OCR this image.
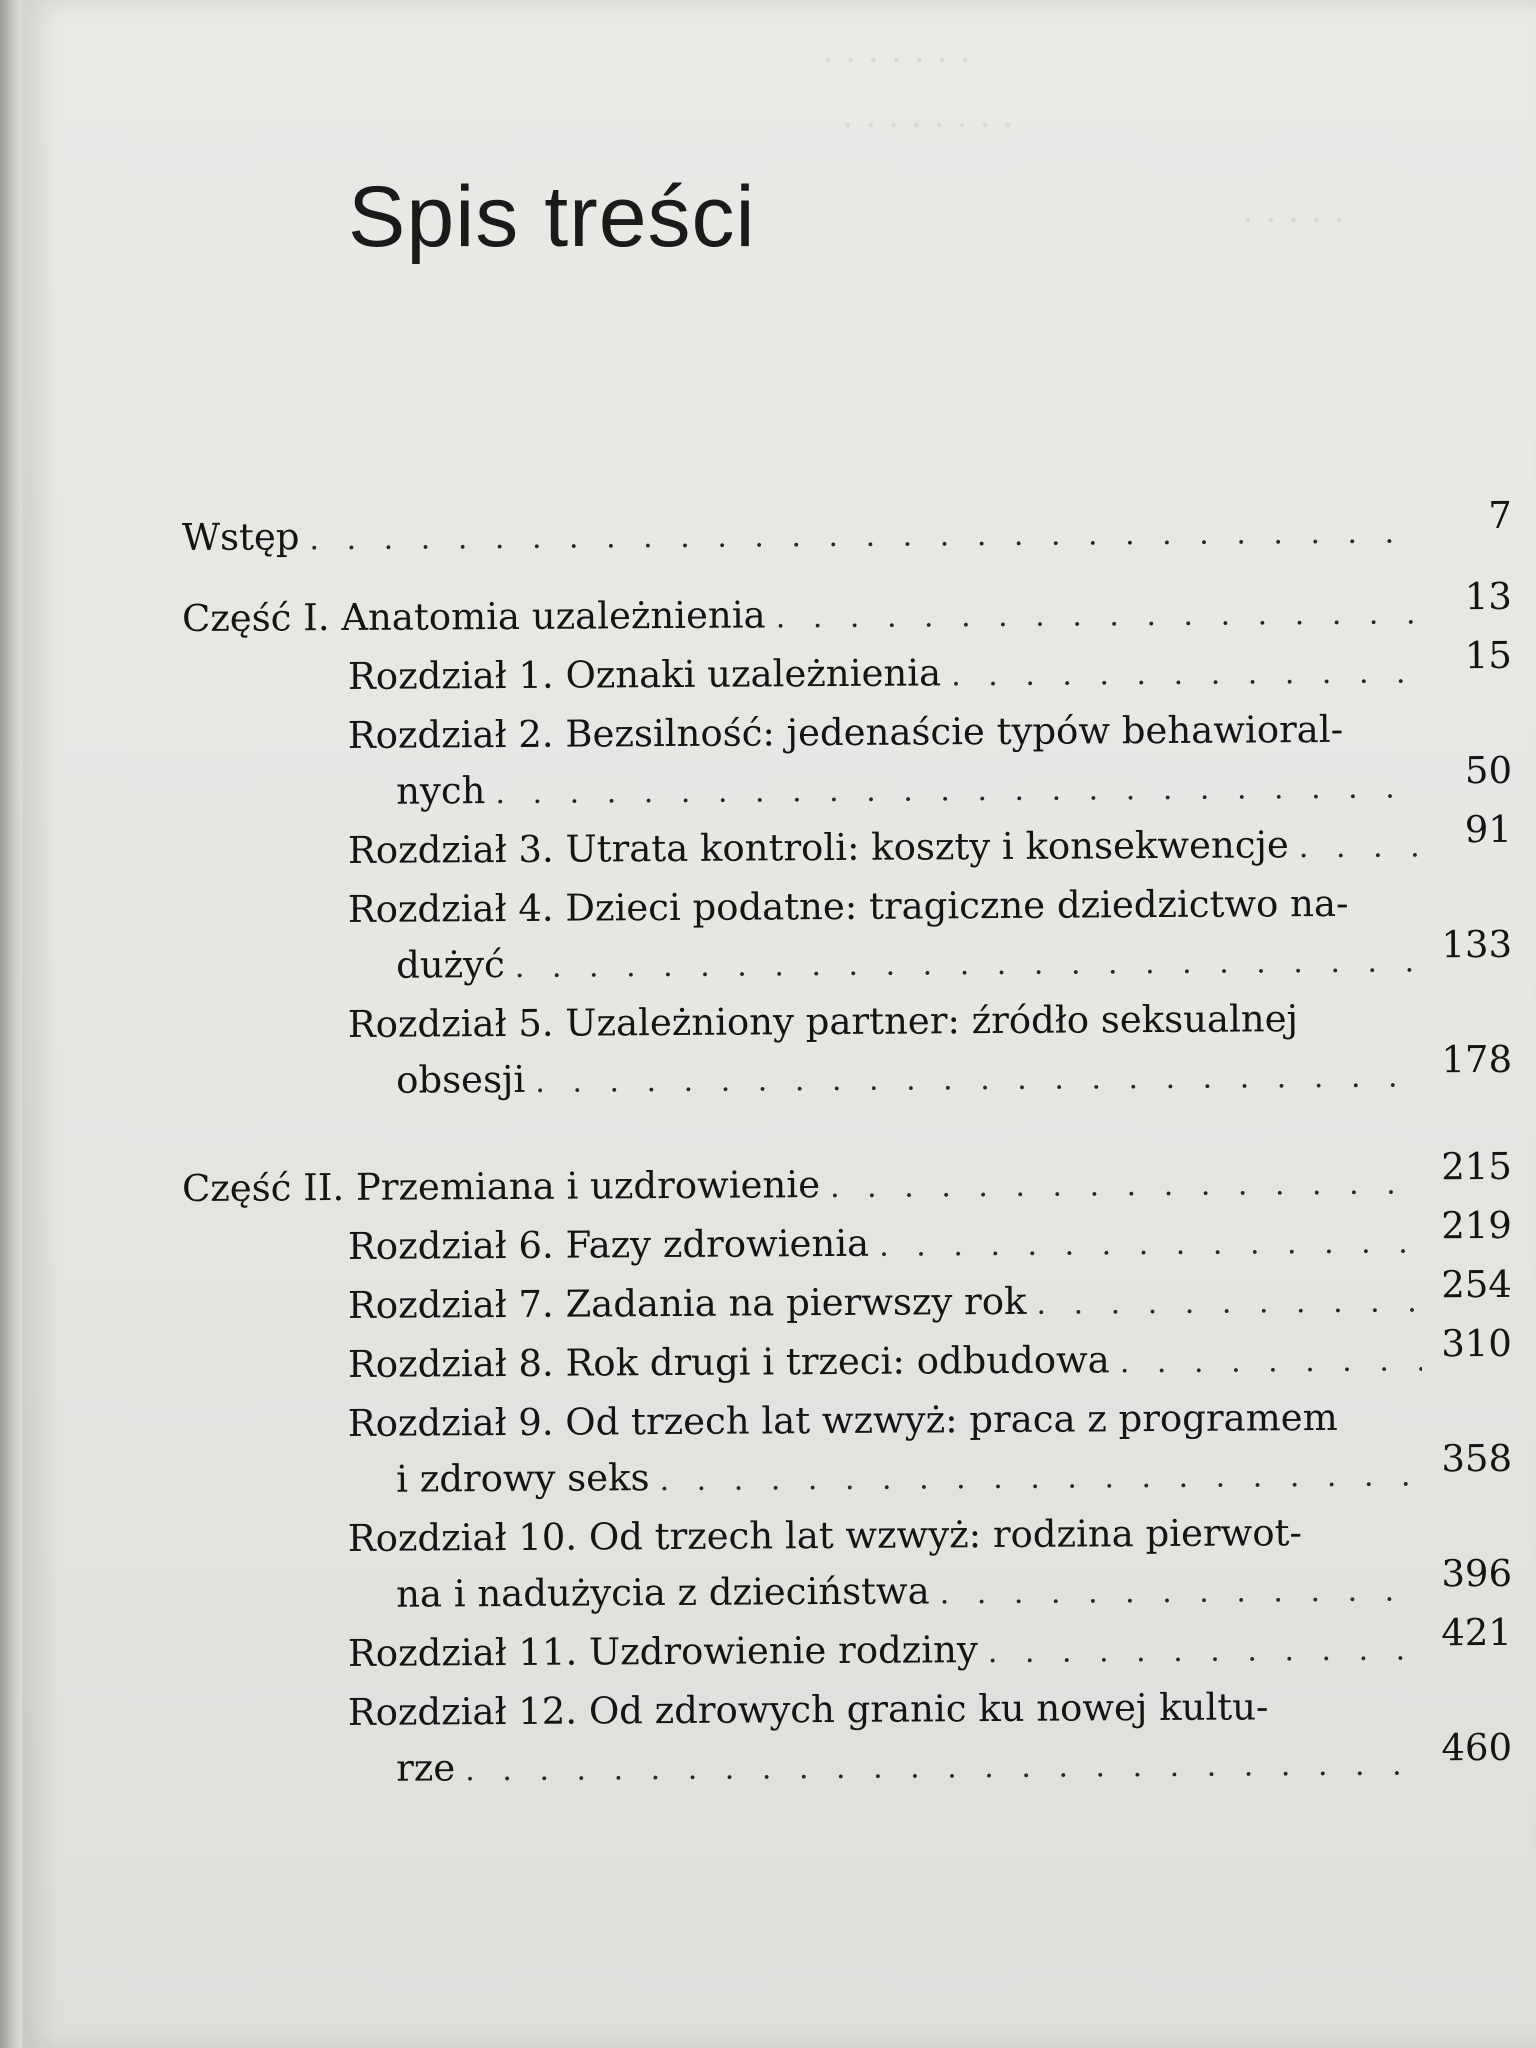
. . . . . . .
. . . . . . . .
. . . . .
Spis treści
Wstęp . . .	7
Część I. Anatomia uzależnienia . . .	13
Rozdział 1. Oznaki uzależnienia . . .	15
Rozdział 2. Bezsilność: jedenaście typów behawioral-
nych . . .	50
Rozdział 3. Utrata kontroli: koszty i konsekwencje . . .	91
Rozdział 4. Dzieci podatne: tragiczne dziedzictwo na-
dużyć . . .	133
Rozdział 5. Uzależniony partner: źródło seksualnej
obsesji . . .	178
Część II. Przemiana i uzdrowienie . . .	215
Rozdział 6. Fazy zdrowienia . . .	219
Rozdział 7. Zadania na pierwszy rok . . .	254
Rozdział 8. Rok drugi i trzeci: odbudowa . . .	310
Rozdział 9. Od trzech lat wzwyż: praca z programem
i zdrowy seks . . .	358
Rozdział 10. Od trzech lat wzwyż: rodzina pierwot-
na i nadużycia z dzieciństwa . . .	396
Rozdział 11. Uzdrowienie rodziny . . .	421
Rozdział 12. Od zdrowych granic ku nowej kultu-
rze . . .	460
